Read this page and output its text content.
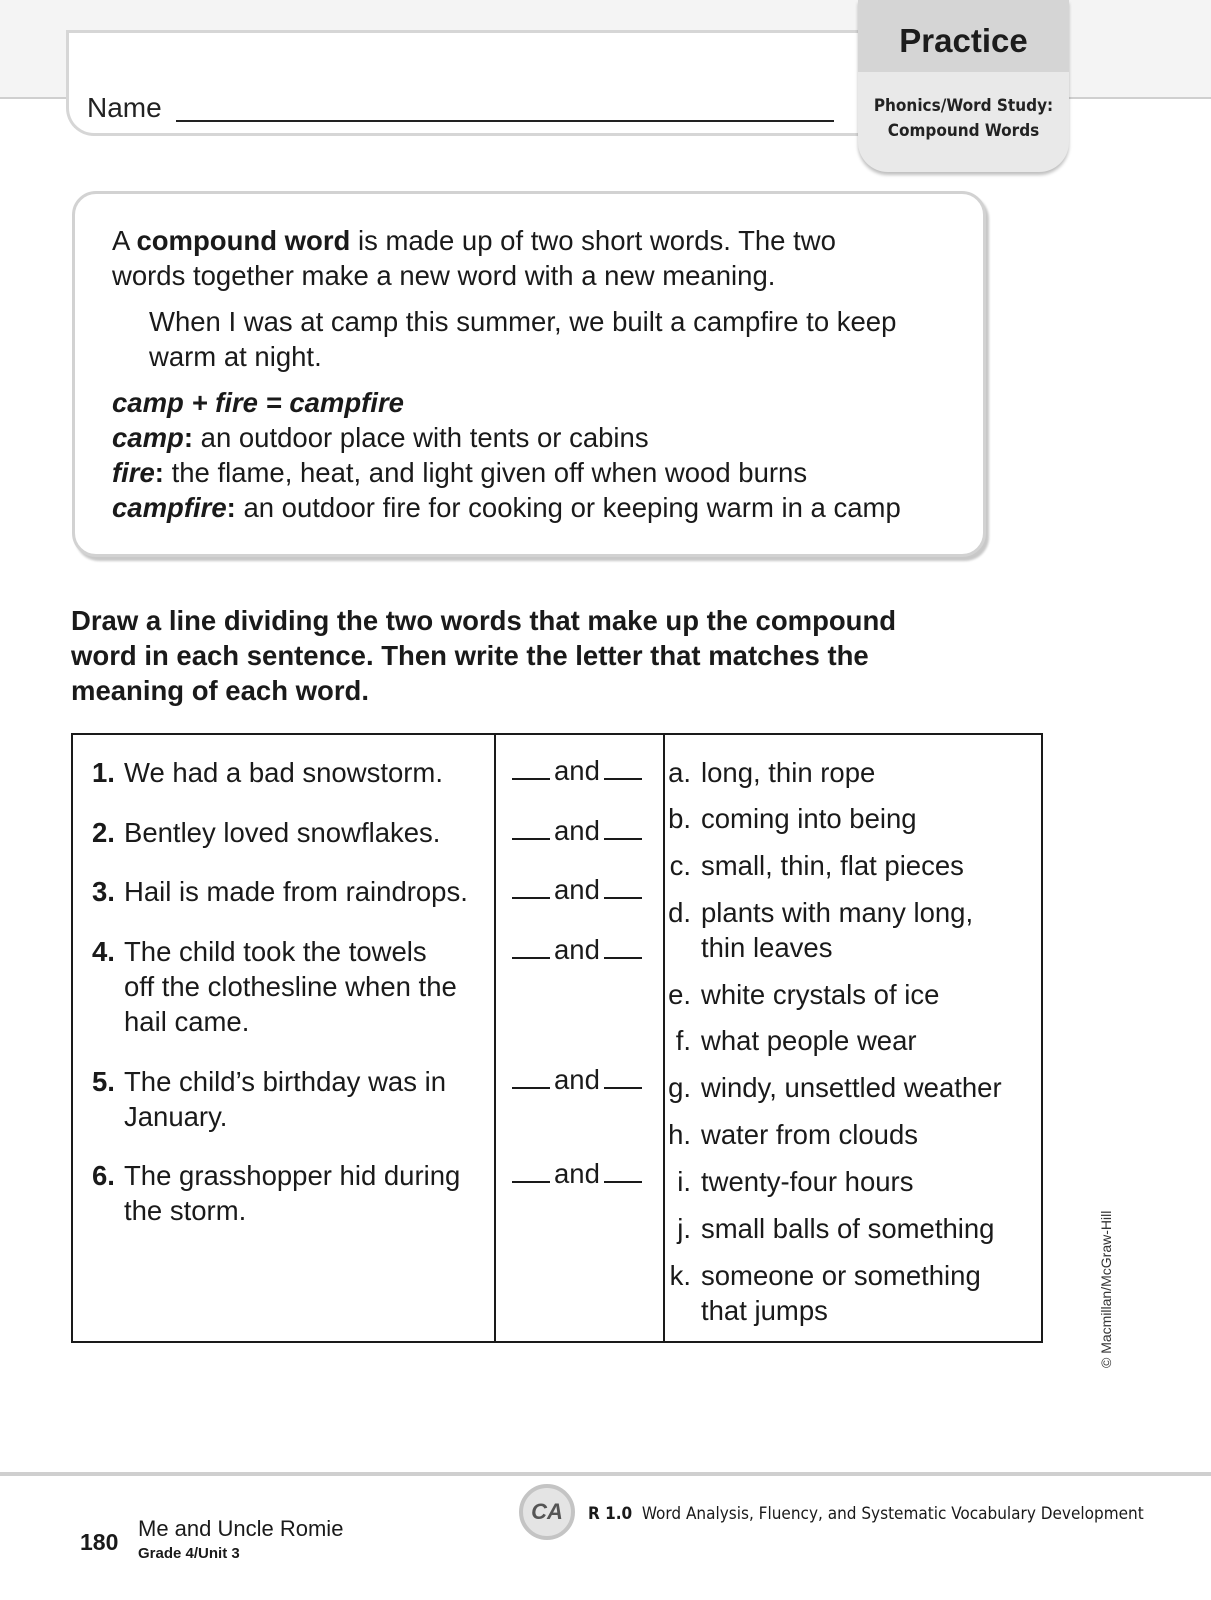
Name
Practice
Phonics/Word Study:
Compound Words
A compound word is made up of two short words. The two
words together make a new word with a new meaning.
When I was at camp this summer, we built a campfire to keep
warm at night.
camp + fire = campfire
camp: an outdoor place with tents or cabins
fire: the flame, heat, and light given off when wood burns
campfire: an outdoor fire for cooking or keeping warm in a camp
Draw a line dividing the two words that make up the compound
word in each sentence. Then write the letter that matches the
meaning of each word.
1. We had a bad snowstorm.
2. Bentley loved snowflakes.
3. Hail is made from raindrops.
4. The child took the towels
off the clothesline when the
hail came.
5. The child’s birthday was in
January.
6. The grasshopper hid during
the storm.
and
and
and
and
and
and
a. long, thin rope
b. coming into being
c. small, thin, flat pieces
d. plants with many long,
thin leaves
e. white crystals of ice
f. what people wear
g. windy, unsettled weather
h. water from clouds
i. twenty-four hours
j. small balls of something
k. someone or something
that jumps	© Macmillan/McGraw-Hill
180
Me and Uncle Romie
Grade 4/Unit 3
CA	R 1.0 Word Analysis, Fluency, and Systematic Vocabulary Development
